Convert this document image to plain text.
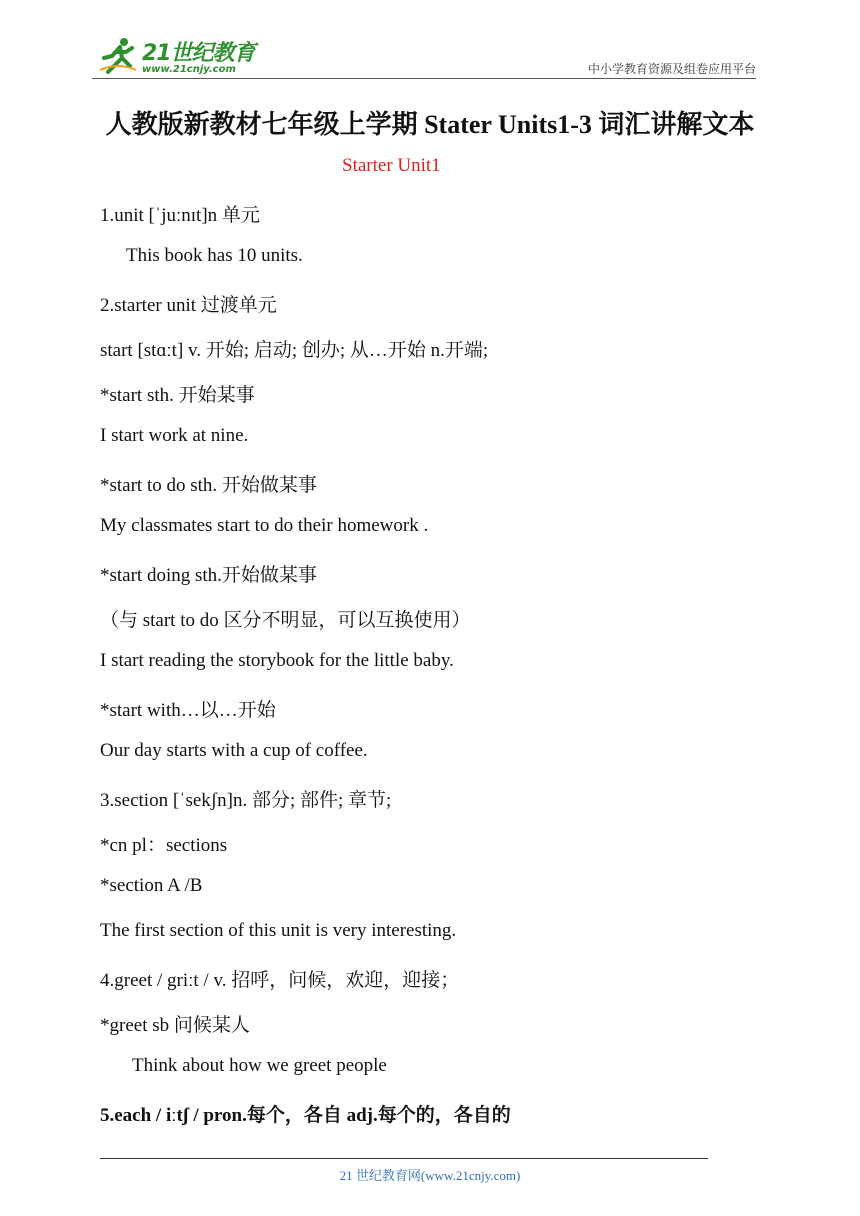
21世纪教育
www.21cnjy.com	中小学教育资源及组卷应用平台
人教版新教材七年级上学期 Stater Units1-3 词汇讲解文本
Starter Unit1
1.unit [ˈjuːnɪt]n 单元
This book has 10 units.
2.starter unit 过渡单元
start [stɑːt] v. 开始; 启动; 创办; 从…开始 n.开端;
*start sth. 开始某事
I start work at nine.
*start to do sth. 开始做某事
My classmates start to do their homework .
*start doing sth.开始做某事
（与 start to do 区分不明显，可以互换使用）
I start reading the storybook for the little baby.
*start with…以…开始
Our day starts with a cup of coffee.
3.section [ˈsekʃn]n. 部分; 部件; 章节;
*cn pl：sections
*section A /B
The first section of this unit is very interesting.
4.greet / griːt / v. 招呼，问候，欢迎，迎接；
*greet sb 问候某人
Think about how we greet people
5.each / iːtʃ / pron.每个，各自 adj.每个的，各自的
21 世纪教育网(www.21cnjy.com)
